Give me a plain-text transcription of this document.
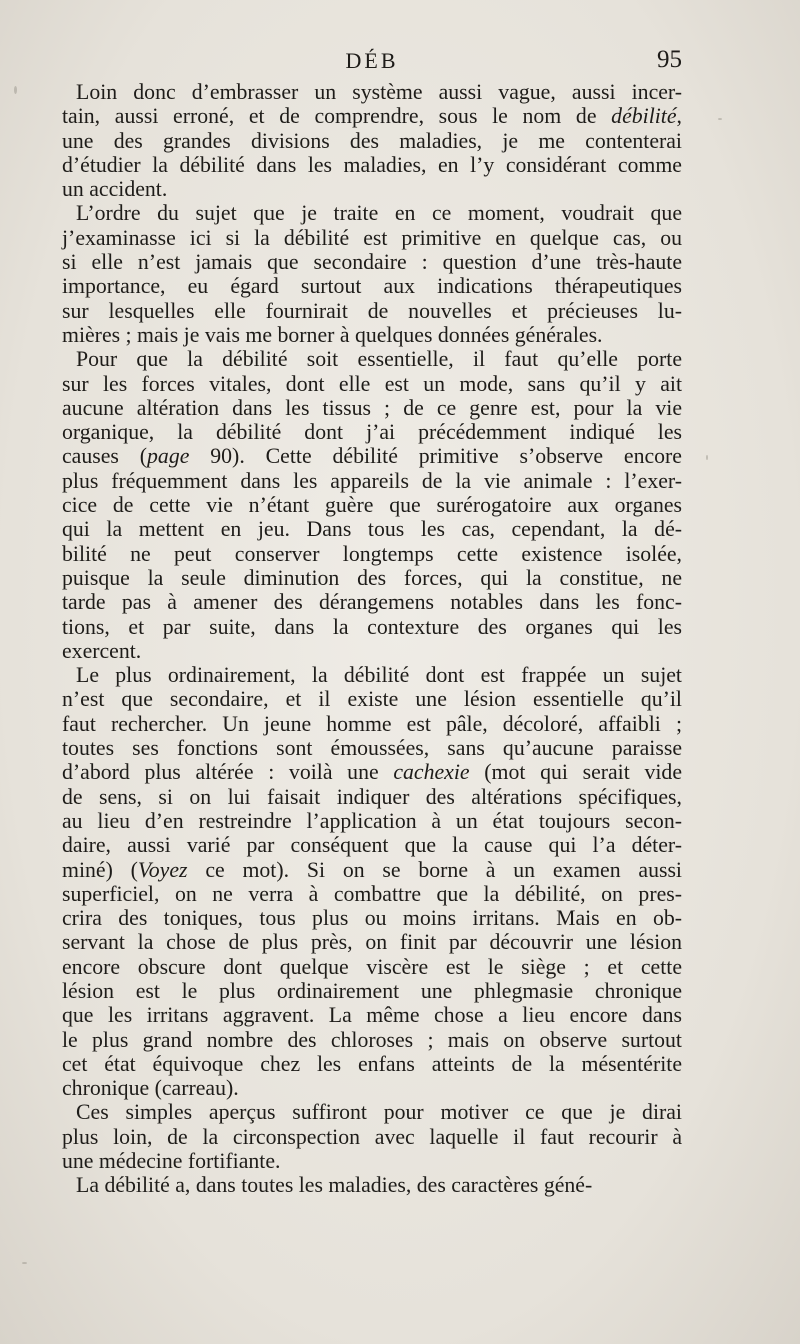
DÉB	95
Loin donc d’embrasser un système aussi vague, aussi incer-
tain, aussi erroné, et de comprendre, sous le nom de débilité,
une des grandes divisions des maladies, je me contenterai
d’étudier la débilité dans les maladies, en l’y considérant comme
un accident.
L’ordre du sujet que je traite en ce moment, voudrait que
j’examinasse ici si la débilité est primitive en quelque cas, ou
si elle n’est jamais que secondaire : question d’une très-haute
importance, eu égard surtout aux indications thérapeutiques
sur lesquelles elle fournirait de nouvelles et précieuses lu-
mières ; mais je vais me borner à quelques données générales.
Pour que la débilité soit essentielle, il faut qu’elle porte
sur les forces vitales, dont elle est un mode, sans qu’il y ait
aucune altération dans les tissus ; de ce genre est, pour la vie
organique, la débilité dont j’ai précédemment indiqué les
causes (page 90). Cette débilité primitive s’observe encore
plus fréquemment dans les appareils de la vie animale : l’exer-
cice de cette vie n’étant guère que surérogatoire aux organes
qui la mettent en jeu. Dans tous les cas, cependant, la dé-
bilité ne peut conserver longtemps cette existence isolée,
puisque la seule diminution des forces, qui la constitue, ne
tarde pas à amener des dérangemens notables dans les fonc-
tions, et par suite, dans la contexture des organes qui les
exercent.
Le plus ordinairement, la débilité dont est frappée un sujet
n’est que secondaire, et il existe une lésion essentielle qu’il
faut rechercher. Un jeune homme est pâle, décoloré, affaibli ;
toutes ses fonctions sont émoussées, sans qu’aucune paraisse
d’abord plus altérée : voilà une cachexie (mot qui serait vide
de sens, si on lui faisait indiquer des altérations spécifiques,
au lieu d’en restreindre l’application à un état toujours secon-
daire, aussi varié par conséquent que la cause qui l’a déter-
miné) (Voyez ce mot). Si on se borne à un examen aussi
superficiel, on ne verra à combattre que la débilité, on pres-
crira des toniques, tous plus ou moins irritans. Mais en ob-
servant la chose de plus près, on finit par découvrir une lésion
encore obscure dont quelque viscère est le siège ; et cette
lésion est le plus ordinairement une phlegmasie chronique
que les irritans aggravent. La même chose a lieu encore dans
le plus grand nombre des chloroses ; mais on observe surtout
cet état équivoque chez les enfans atteints de la mésentérite
chronique (carreau).
Ces simples aperçus suffiront pour motiver ce que je dirai
plus loin, de la circonspection avec laquelle il faut recourir à
une médecine fortifiante.
La débilité a, dans toutes les maladies, des caractères géné-
